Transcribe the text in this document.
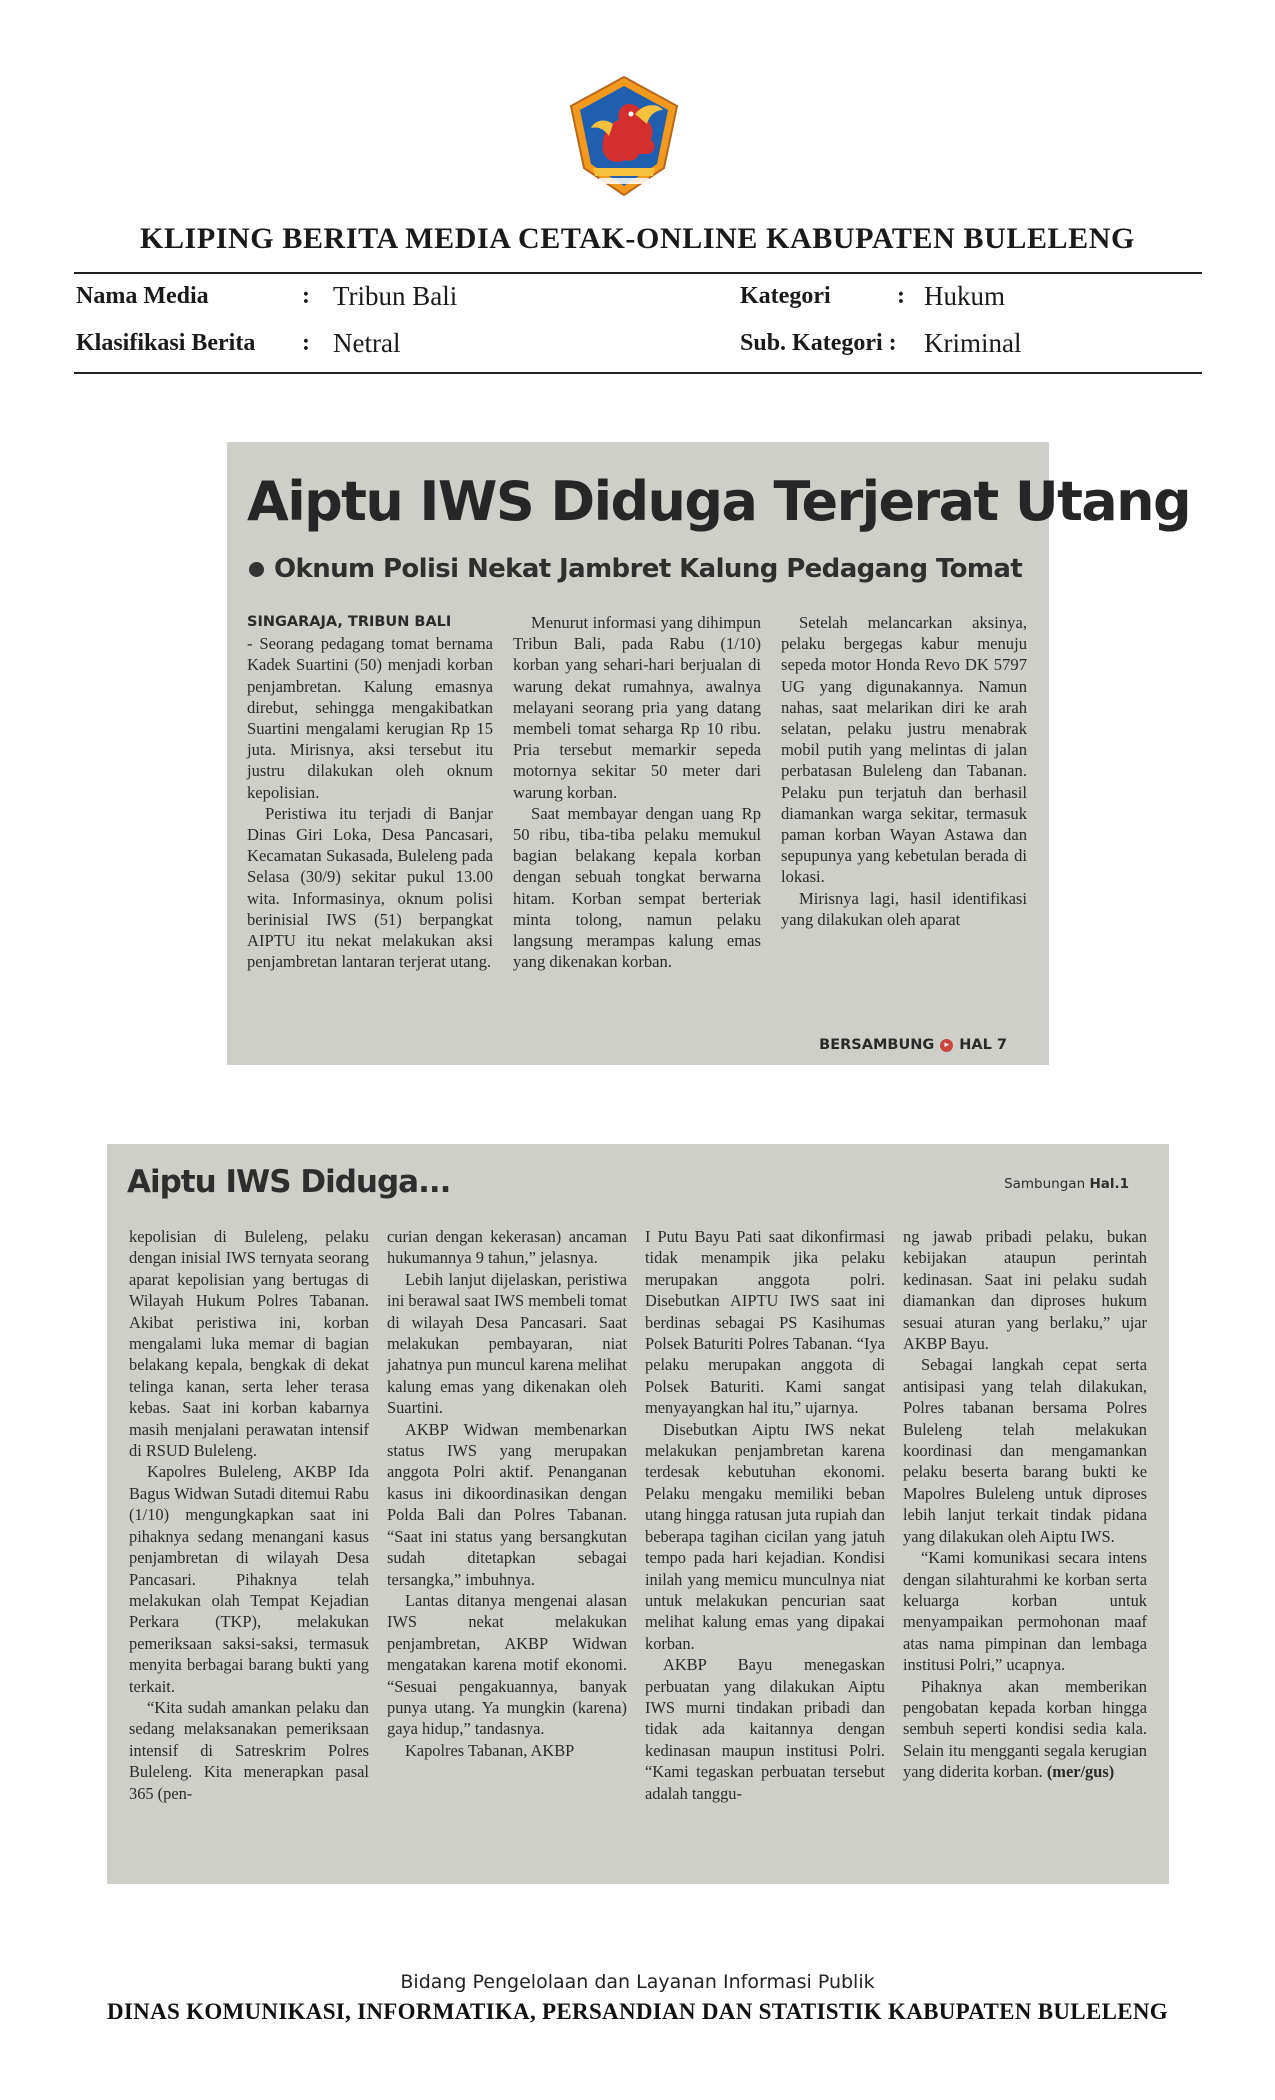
KLIPING BERITA MEDIA CETAK-ONLINE KABUPATEN BULELENG
Nama Media	: Tribun Bali
Klasifikasi Berita : Netral
Kategori	: Hukum
Sub. Kategori : Kriminal
Aiptu IWS Diduga Terjerat Utang
Oknum Polisi Nekat Jambret Kalung Pedagang Tomat
SINGARAJA, TRIBUN BALI

- Seorang pedagang tomat bernama Kadek Suartini (50) menjadi korban penjambretan. Kalung emasnya direbut, sehingga mengakibatkan Suartini mengalami kerugian Rp 15 juta. Mirisnya, aksi tersebut itu justru dilakukan oleh oknum kepolisian.

Peristiwa itu terjadi di Banjar Dinas Giri Loka, Desa Pancasari, Kecamatan Sukasada, Buleleng pada Selasa (30/9) sekitar pukul 13.00 wita. Informasinya, oknum polisi berinisial IWS (51) berpangkat AIPTU itu nekat melakukan aksi penjambretan lantaran terjerat utang.

Menurut informasi yang dihimpun Tribun Bali, pada Rabu (1/10) korban yang sehari-hari berjualan di warung dekat rumahnya, awalnya melayani seorang pria yang datang membeli tomat seharga Rp 10 ribu. Pria tersebut memarkir sepeda motornya sekitar 50 meter dari warung korban.

Saat membayar dengan uang Rp 50 ribu, tiba-tiba pelaku memukul bagian belakang kepala korban dengan sebuah tongkat berwarna hitam. Korban sempat berteriak minta tolong, namun pelaku langsung merampas kalung emas yang dikenakan korban.

Setelah melancarkan aksinya, pelaku bergegas kabur menuju sepeda motor Honda Revo DK 5797 UG yang digunakannya. Namun nahas, saat melarikan diri ke arah selatan, pelaku justru menabrak mobil putih yang melintas di jalan perbatasan Buleleng dan Tabanan. Pelaku pun terjatuh dan berhasil diamankan warga sekitar, termasuk paman korban Wayan Astawa dan sepupunya yang kebetulan berada di lokasi.

Mirisnya lagi, hasil identifikasi yang dilakukan oleh aparat

BERSAMBUNG ▸ HAL 7
Aiptu IWS Diduga...	Sambungan Hal.1

kepolisian di Buleleng, pelaku dengan inisial IWS ternyata seorang aparat kepolisian yang bertugas di Wilayah Hukum Polres Tabanan. Akibat peristiwa ini, korban mengalami luka memar di bagian belakang kepala, bengkak di dekat telinga kanan, serta leher terasa kebas. Saat ini korban kabarnya masih menjalani perawatan intensif di RSUD Buleleng.

Kapolres Buleleng, AKBP Ida Bagus Widwan Sutadi ditemui Rabu (1/10) mengungkapkan saat ini pihaknya sedang menangani kasus penjambretan di wilayah Desa Pancasari. Pihaknya telah melakukan olah Tempat Kejadian Perkara (TKP), melakukan pemeriksaan saksi-saksi, termasuk menyita berbagai barang bukti yang terkait.

“Kita sudah amankan pelaku dan sedang melaksanakan pemeriksaan intensif di Satreskrim Polres Buleleng. Kita menerapkan pasal 365 (pen-

curian dengan kekerasan) ancaman hukumannya 9 tahun,” jelasnya.

Lebih lanjut dijelaskan, peristiwa ini berawal saat IWS membeli tomat di wilayah Desa Pancasari. Saat melakukan pembayaran, niat jahatnya pun muncul karena melihat kalung emas yang dikenakan oleh Suartini.

AKBP Widwan membenarkan status IWS yang merupakan anggota Polri aktif. Penanganan kasus ini dikoordinasikan dengan Polda Bali dan Polres Tabanan. “Saat ini status yang bersangkutan sudah ditetapkan sebagai tersangka,” imbuhnya.

Lantas ditanya mengenai alasan IWS nekat melakukan penjambretan, AKBP Widwan mengatakan karena motif ekonomi. “Sesuai pengakuannya, banyak punya utang. Ya mungkin (karena) gaya hidup,” tandasnya.

Kapolres Tabanan, AKBP

I Putu Bayu Pati saat dikonfirmasi tidak menampik jika pelaku merupakan anggota polri. Disebutkan AIPTU IWS saat ini berdinas sebagai PS Kasihumas Polsek Baturiti Polres Tabanan. “Iya pelaku merupakan anggota di Polsek Baturiti. Kami sangat menyayangkan hal itu,” ujarnya.

Disebutkan Aiptu IWS nekat melakukan penjambretan karena terdesak kebutuhan ekonomi. Pelaku mengaku memiliki beban utang hingga ratusan juta rupiah dan beberapa tagihan cicilan yang jatuh tempo pada hari kejadian. Kondisi inilah yang memicu munculnya niat untuk melakukan pencurian saat melihat kalung emas yang dipakai korban.

AKBP Bayu menegaskan perbuatan yang dilakukan Aiptu IWS murni tindakan pribadi dan tidak ada kaitannya dengan kedinasan maupun institusi Polri. “Kami tegaskan perbuatan tersebut adalah tanggu-

ng jawab pribadi pelaku, bukan kebijakan ataupun perintah kedinasan. Saat ini pelaku sudah diamankan dan diproses hukum sesuai aturan yang berlaku,” ujar AKBP Bayu.

Sebagai langkah cepat serta antisipasi yang telah dilakukan, Polres tabanan bersama Polres Buleleng telah melakukan koordinasi dan mengamankan pelaku beserta barang bukti ke Mapolres Buleleng untuk diproses lebih lanjut terkait tindak pidana yang dilakukan oleh Aiptu IWS.

“Kami komunikasi secara intens dengan silahturahmi ke korban serta keluarga korban untuk menyampaikan permohonan maaf atas nama pimpinan dan lembaga institusi Polri,” ucapnya.

Pihaknya akan memberikan pengobatan kepada korban hingga sembuh seperti kondisi sedia kala. Selain itu mengganti segala kerugian yang diderita korban. (mer/gus)

Bidang Pengelolaan dan Layanan Informasi Publik
DINAS KOMUNIKASI, INFORMATIKA, PERSANDIAN DAN STATISTIK KABUPATEN BULELENG
